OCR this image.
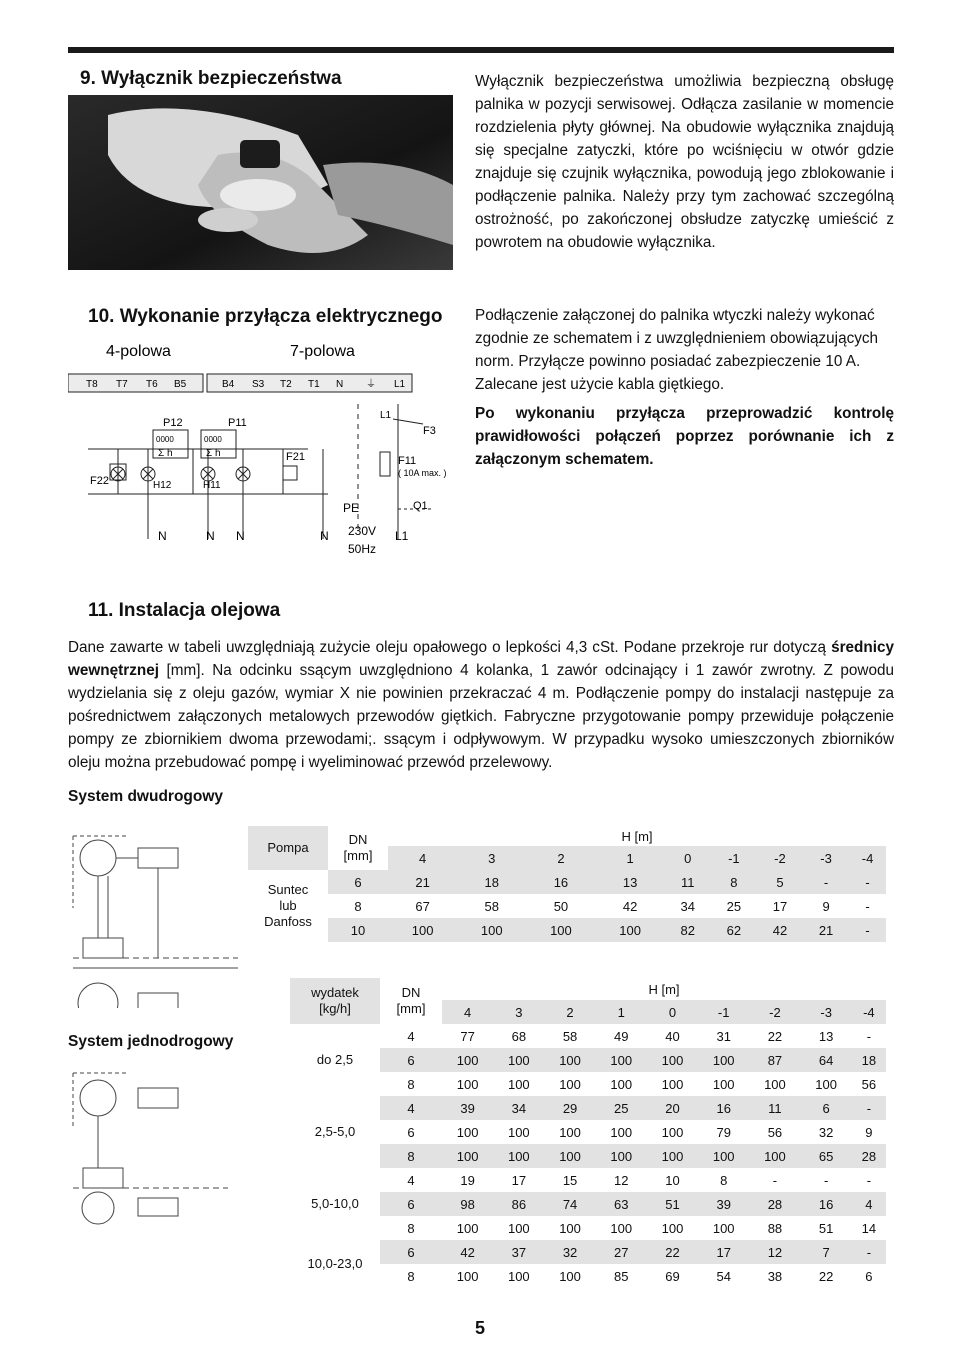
9. Wyłącznik bezpieczeństwa	Wyłącznik bezpieczeństwa umożliwia bezpieczną obsługę palnika w pozycji serwisowej. Odłącza zasilanie w momencie rozdzielenia płyty głównej. Na obudowie wyłącznika znajdują się specjalne zatyczki, które po wciśnięciu w otwór gdzie znajduje się czujnik wyłącznika, powodują jego zblokowanie i podłączenie palnika. Należy przy tym zachować szczególną ostrożność, po zakończonej obsłudze zatyczkę umieścić z powrotem na obudowie wyłącznika.
10. Wykonanie przyłącza elektrycznego Podłączenie załączonej do palnika wtyczki należy wykonać zgodnie ze schematem i z uwzględnieniem obowiązujących norm. Przyłącze powinno posiadać zabezpieczenie 10 A. Zalecane jest użycie kabla giętkiego.
Po wykonaniu przyłącza przeprowadzić kontrolę prawidłowości połączeń poprzez porównanie ich z załączonym schematem.
4-polowa	7-polowa
T8 T7 T6 B5	B4 S3 T2 T1 N ⏚ L1
P12	P11
0000	0000
Σ h	Σ h
H12	H11
F22
F21
L1
F3
F11
( 10A max. )
PE	Q1
N	N N	N	L1
230V
50Hz
11. Instalacja olejowa
Dane zawarte w tabeli uwzględniają zużycie oleju opałowego o lepkości 4,3 cSt. Podane przekroje rur dotyczą średnicy wewnętrznej [mm]. Na odcinku ssącym uwzględniono 4 kolanka, 1 zawór odcinający i 1 zawór zwrotny. Z powodu wydzielania się z oleju gazów, wymiar X nie powinien przekraczać 4 m. Podłączenie pompy do instalacji następuje za pośrednictwem załączonych metalowych przewodów giętkich. Fabryczne przygotowanie pompy przewiduje połączenie pompy ze zbiornikiem dwoma przewodami;. ssącym i odpływowym. W przypadku wysoko umieszczonych zbiorników oleju można przebudować pompę i wyeliminować przewód przelewowy.
System dwudrogowy
System jednodrogowy
Pompa	DN
[mm]	H [m]								
		4	3	2	1	0	-1	-2	-3	-4
Suntec
lub
Danfoss	6	21	18	16	13	11	8	5	-	-
	8	67	58	50	42	34	25	17	9	-
	10	100	100	100	100	82	62	42	21	-
wydatek
[kg/h]	DN
[mm]	H [m]								
		4	3	2	1	0	-1	-2	-3	-4
do 2,5	4	77	68	58	49	40	31	22	13	-
	6	100	100	100	100	100	100	87	64	18
	8	100	100	100	100	100	100	100	100	56
2,5-5,0	4	39	34	29	25	20	16	11	6	-
	6	100	100	100	100	100	79	56	32	9
	8	100	100	100	100	100	100	100	65	28
5,0-10,0	4	19	17	15	12	10	8	-	-	-
	6	98	86	74	63	51	39	28	16	4
	8	100	100	100	100	100	100	88	51	14
10,0-23,0	6	42	37	32	27	22	17	12	7	-
	8	100	100	100	85	69	54	38	22	6
5
